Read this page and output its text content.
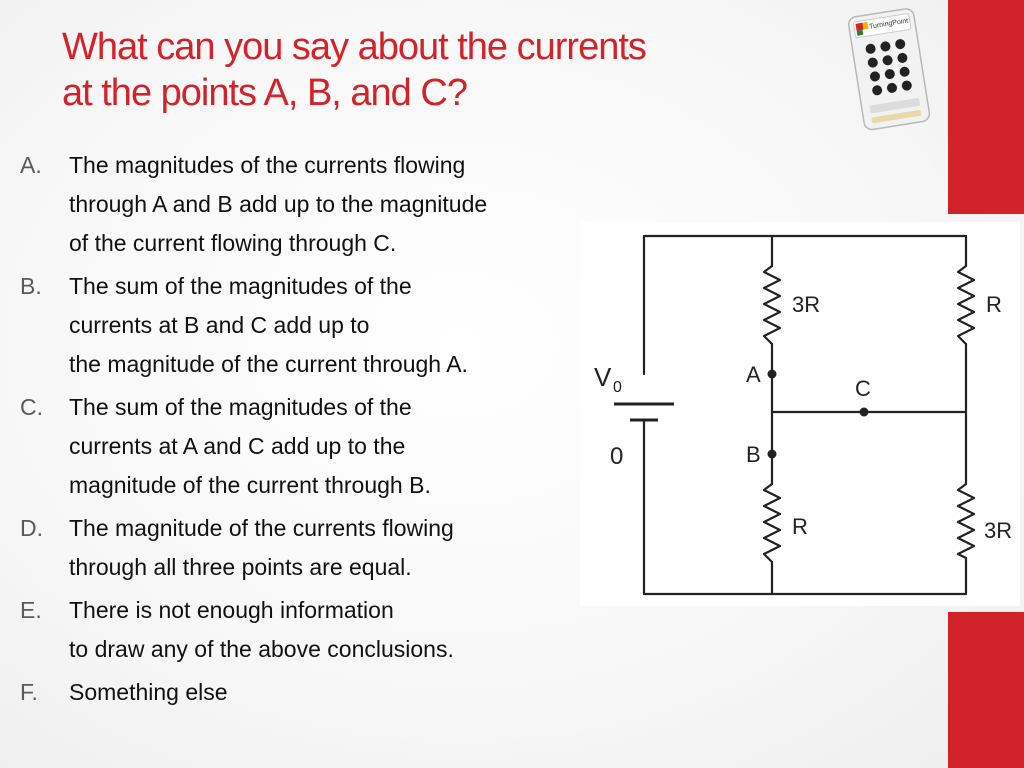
What can you say about the currents
at the points A, B, and C?
A. The magnitudes of the currents flowing
through A and B add up to the magnitude
of the current flowing through C.
B. The sum of the magnitudes of the
currents at B and C add up to
the magnitude of the current through A.
C. The sum of the magnitudes of the
currents at A and C add up to the
magnitude of the current through B.
D. The magnitude of the currents flowing
through all three points are equal.
E. There is not enough information
to draw any of the above conclusions.
F. Something else
TurningPoint
V 0
0
3R	R
R	3R
A
B
C
